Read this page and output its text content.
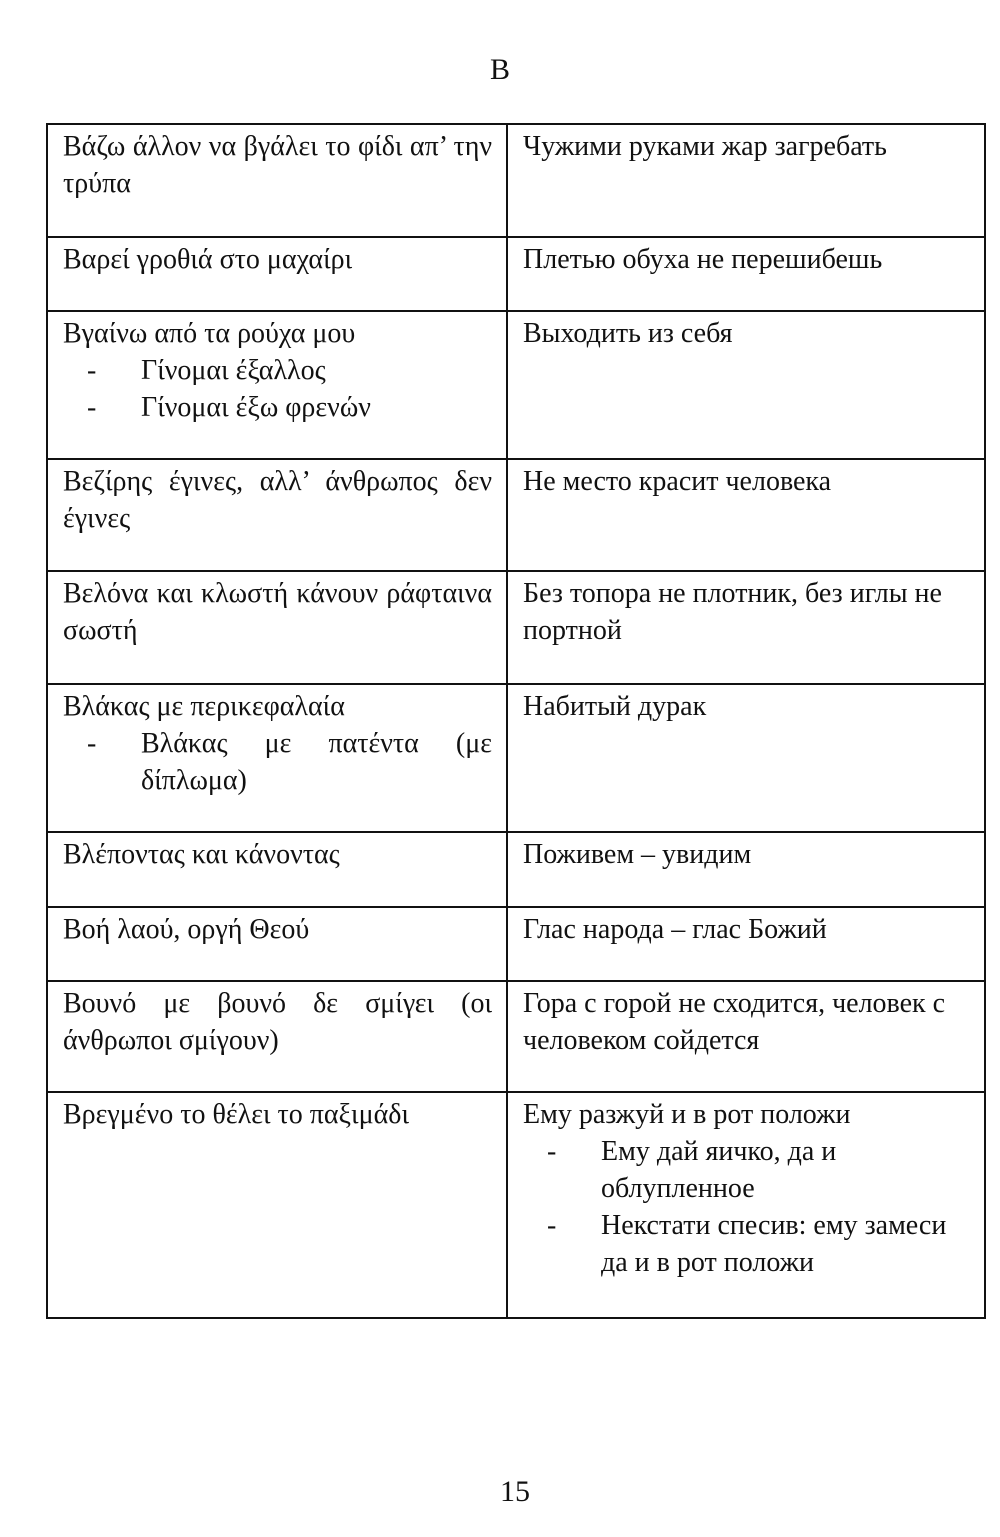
В
Βάζω άλλον να βγάλει το φίδι απ’ την τρύπα	Чужими руками жар загребать
Βαρεί γροθιά στο μαχαίρι	Плетью обуха не перешибешь

Βγαίνω από τα ρούχα μου
- Γίνομαι έξαλλος
- Γίνομαι έξω φρενών	Выходить из себя
Βεζίρης έγινες, αλλ’ άνθρωπος δεν έγινες	Не место красит человека
Βελόνα και κλωστή κάνουν ράφταινα σωστή	Без топора не плотник, без иглы не портной

Βλάκας με περικεφαλαία
- Βλάκας με πατέντα (με δίπλωμα)	Набитый дурак
Βλέποντας και κάνοντας	Поживем – увидим
Βοή λαού, οργή Θεού	Глас народа – глас Божий
Βουνό με βουνό δε σμίγει (οι άνθρωποι σμίγουν)	Гора с горой не сходится, человек с человеком сойдется
Βρεγμένο το θέλει το παξιμάδι	Ему разжуй и в рот положи
- Ему дай яичко, да и облупленное
- Некстати спесив: ему замеси да и в рот положи
15
